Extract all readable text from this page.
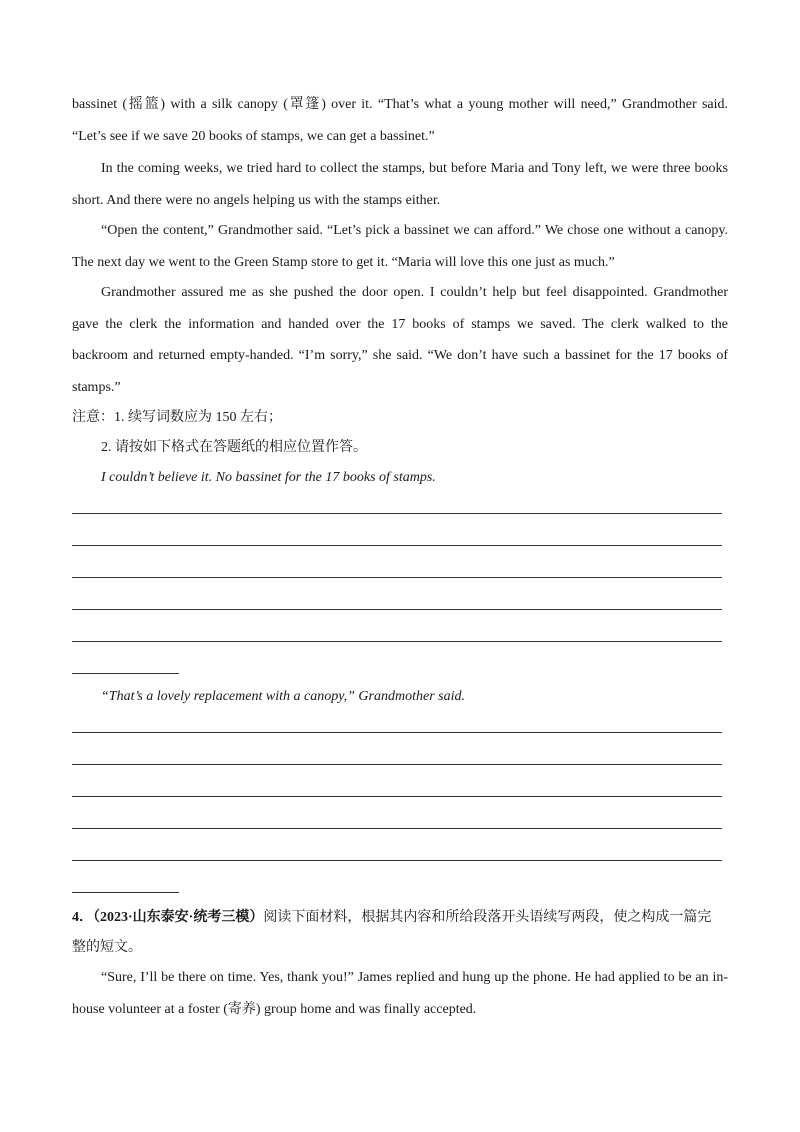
bassinet (摇篮) with a silk canopy (罩篷) over it. “That’s what a young mother will need,” Grandmother said.
“Let’s see if we save 20 books of stamps, we can get a bassinet.”
In the coming weeks, we tried hard to collect the stamps, but before Maria and Tony left, we were three books
short. And there were no angels helping us with the stamps either.
“Open the content,” Grandmother said. “Let’s pick a bassinet we can afford.” We chose one without a canopy.
The next day we went to the Green Stamp store to get it. “Maria will love this one just as much.”
Grandmother assured me as she pushed the door open. I couldn’t help but feel disappointed. Grandmother
gave the clerk the information and handed over the 17 books of stamps we saved. The clerk walked to the
backroom and returned empty-handed. “I’m sorry,” she said. “We don’t have such a bassinet for the 17 books of
stamps.”
注意：1. 续写词数应为 150 左右；
2. 请按如下格式在答题纸的相应位置作答。
I couldn’t believe it. No bassinet for the 17 books of stamps.
“That’s a lovely replacement with a canopy,” Grandmother said.
4．（2023·山东泰安·统考三模）阅读下面材料，根据其内容和所给段落开头语续写两段，使之构成一篇完
整的短文。
“Sure, I’ll be there on time. Yes, thank you!” James replied and hung up the phone. He had applied to be an in-
house volunteer at a foster (寄养) group home and was finally accepted.
